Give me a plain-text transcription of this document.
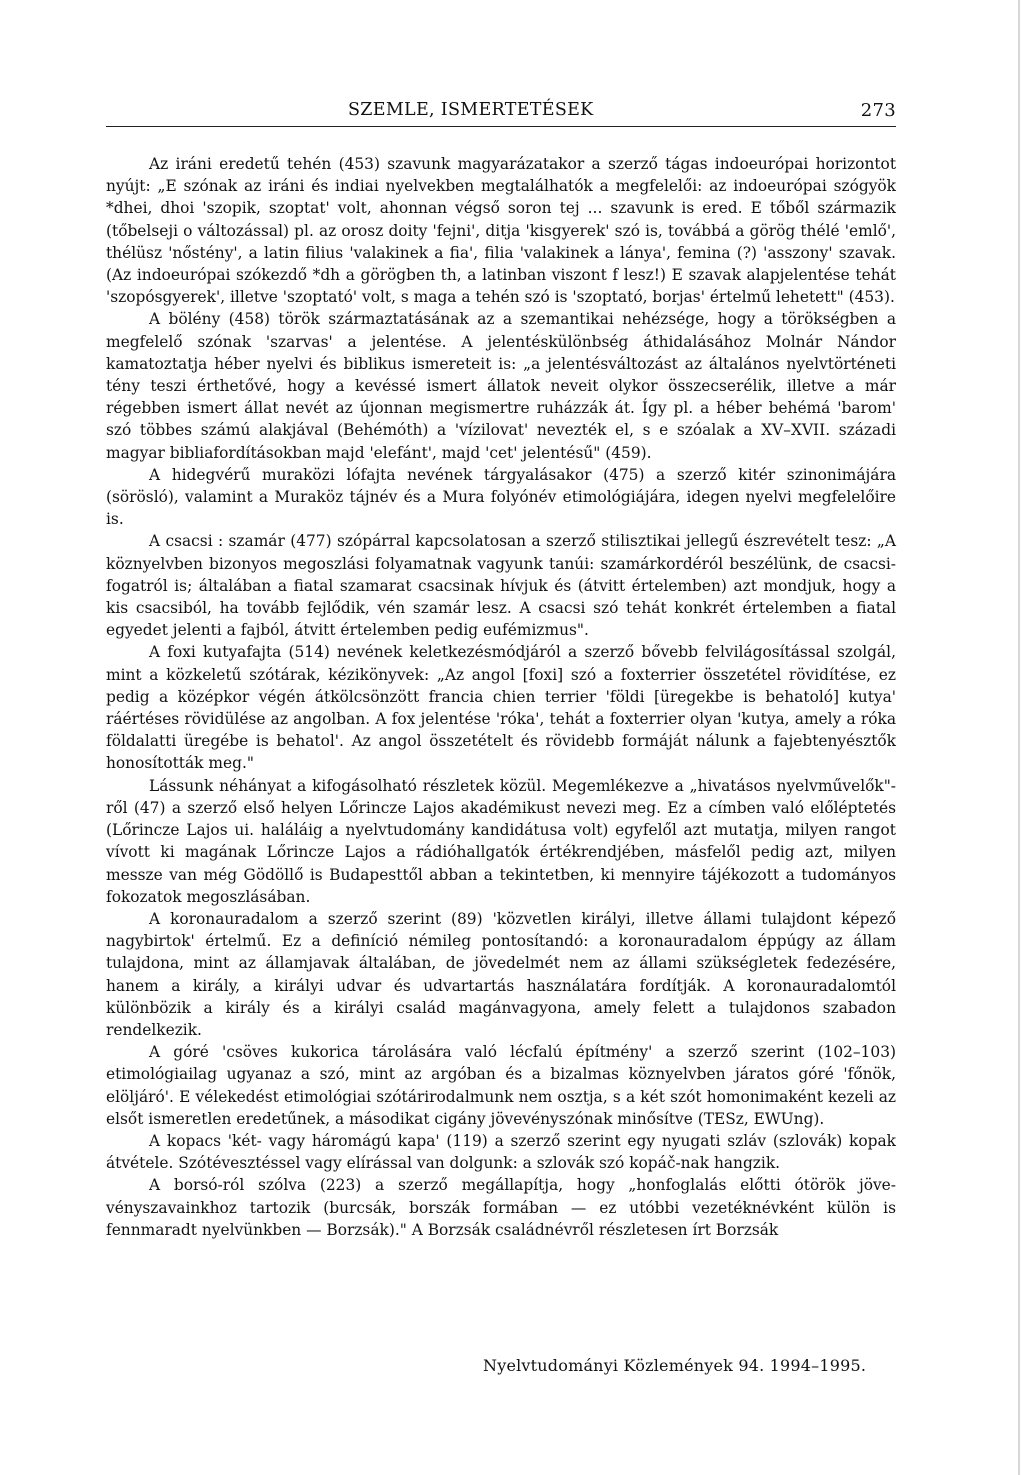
SZEMLE, ISMERTETÉSEK	273

Az iráni eredetű tehén (453) szavunk magyarázatakor a szerző tágas indoeurópai horizontot nyújt: „E szónak az iráni és indiai nyelvekben megtalálhatók a megfelelői: az indoeurópai szógyök *dhei, dhoi 'szopik, szoptat' volt, ahonnan végső soron tej ... szavunk is ered. E tőből származik (tőbelseji o változással) pl. az orosz doity 'fejni', ditja 'kisgyerek' szó is, továbbá a görög thélé 'emlő', thélüsz 'nőstény', a latin filius 'valakinek a fia', filia 'valakinek a lánya', femina (?) 'asszony' szavak. (Az indoeurópai szókezdő *dh a görögben th, a latinban viszont f lesz!) E szavak alapjelentése tehát 'szopósgyerek', illetve 'szoptató' volt, s maga a tehén szó is 'szoptató, borjas' értelmű lehetett" (453).

A bölény (458) török származtatásának az a szemantikai nehézsége, hogy a törökségben a megfelelő szónak 'szarvas' a jelentése. A jelentéskülönbség áthidalásához Molnár Nándor kamatoztatja héber nyelvi és biblikus ismereteit is: „a jelentésváltozást az általános nyelvtörténeti tény teszi érthetővé, hogy a kevéssé ismert állatok neveit olykor összecserélik, illetve a már régebben ismert állat nevét az újonnan megismertre ruházzák át. Így pl. a héber behémá 'barom' szó többes számú alakjával (Behémóth) a 'vízilovat' nevezték el, s e szóalak a XV–XVII. századi magyar bibliafordításokban majd 'elefánt', majd 'cet' jelentésű" (459).

A hidegvérű muraközi lófajta nevének tárgyalásakor (475) a szerző kitér szinonimájára (sörösló), valamint a Muraköz tájnév és a Mura folyónév etimológiájára, idegen nyelvi megfelelőire is.

A csacsi : szamár (477) szópárral kapcsolatosan a szerző stilisztikai jellegű észrevételt tesz: „A köznyelvben bizonyos megoszlási folyamatnak vagyunk tanúi: szamárkordéról beszélünk, de csacsi-fogatról is; általában a fiatal szamarat csacsinak hívjuk és (átvitt értelemben) azt mondjuk, hogy a kis csacsiból, ha tovább fejlődik, vén szamár lesz. A csacsi szó tehát konkrét értelemben a fiatal egyedet jelenti a fajból, átvitt értelemben pedig eufémizmus".

A foxi kutyafajta (514) nevének keletkezésmódjáról a szerző bővebb felvilágosítással szolgál, mint a közkeletű szótárak, kézikönyvek: „Az angol [foxi] szó a foxterrier összetétel rövidítése, ez pedig a középkor végén átkölcsönzött francia chien terrier 'földi [üregekbe is behatoló] kutya' ráértéses rövidülése az angolban. A fox jelentése 'róka', tehát a foxterrier olyan 'kutya, amely a róka földalatti üregébe is behatol'. Az angol összetételt és rövidebb formáját nálunk a fajebtenyésztők honosították meg."

Lássunk néhányat a kifogásolható részletek közül. Megemlékezve a „hivatásos nyelvművelők"-ről (47) a szerző első helyen Lőrincze Lajos akadémikust nevezi meg. Ez a címben való előléptetés (Lőrincze Lajos ui. haláláig a nyelvtudomány kandidátusa volt) egyfelől azt mutatja, milyen rangot vívott ki magának Lőrincze Lajos a rádióhallgatók értékrendjében, másfelől pedig azt, milyen messze van még Gödöllő is Budapesttől abban a tekintetben, ki mennyire tájékozott a tudományos fokozatok megoszlásában.

A koronauradalom a szerző szerint (89) 'közvetlen királyi, illetve állami tulajdont képező nagybirtok' értelmű. Ez a definíció némileg pontosítandó: a koronauradalom éppúgy az állam tulajdona, mint az államjavak általában, de jövedelmét nem az állami szükségletek fedezésére, hanem a király, a királyi udvar és udvartartás használatára fordítják. A koronauradalomtól különbözik a király és a királyi család magánvagyona, amely felett a tulajdonos szabadon rendelkezik.

A góré 'csöves kukorica tárolására való lécfalú építmény' a szerző szerint (102–103) etimológiailag ugyanaz a szó, mint az argóban és a bizalmas köznyelvben járatos góré 'főnök, elöljáró'. E vélekedést etimológiai szótárirodalmunk nem osztja, s a két szót homonimaként kezeli az elsőt ismeretlen eredetűnek, a másodikat cigány jövevényszónak minősítve (TESz, EWUng).

A kopacs 'két- vagy háromágú kapa' (119) a szerző szerint egy nyugati szláv (szlovák) kopak átvétele. Szótévesztéssel vagy elírással van dolgunk: a szlovák szó kopáč-nak hangzik.

A borsó-ról szólva (223) a szerző megállapítja, hogy „honfoglalás előtti ótörök jövevényszavainkhoz tartozik (burcsák, borszák formában — ez utóbbi vezetéknévként külön is fennmaradt nyelvünkben — Borzsák)." A Borzsák családnévről részletesen írt Borzsák

Nyelvtudományi Közlemények 94. 1994–1995.
